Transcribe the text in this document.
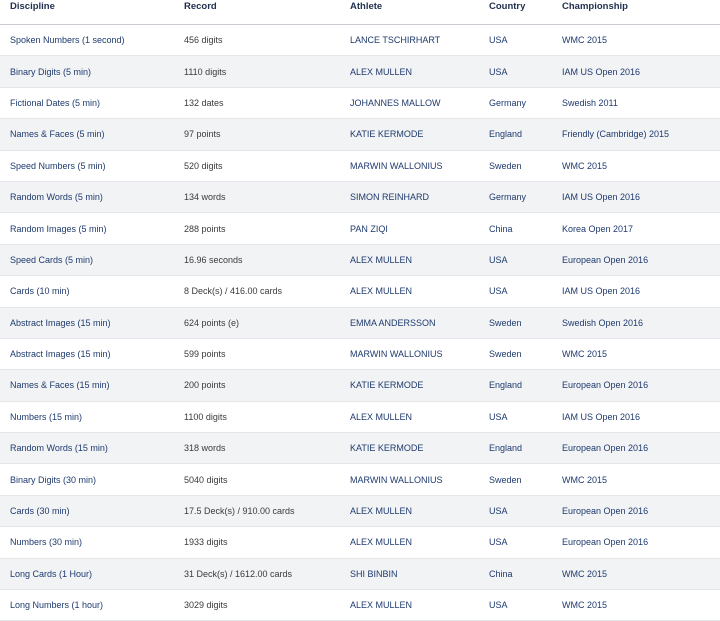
Discipline	Record	Athlete	Country	Championship
Spoken Numbers (1 second)	456 digits	LANCE TSCHIRHART	USA	WMC 2015
Binary Digits (5 min)	1110 digits	ALEX MULLEN	USA	IAM US Open 2016
Fictional Dates (5 min)	132 dates	JOHANNES MALLOW	Germany	Swedish 2011
Names & Faces (5 min)	97 points	KATIE KERMODE	England	Friendly (Cambridge) 2015
Speed Numbers (5 min)	520 digits	MARWIN WALLONIUS	Sweden	WMC 2015
Random Words (5 min)	134 words	SIMON REINHARD	Germany	IAM US Open 2016
Random Images (5 min)	288 points	PAN ZIQI	China	Korea Open 2017
Speed Cards (5 min)	16.96 seconds	ALEX MULLEN	USA	European Open 2016
Cards (10 min)	8 Deck(s) / 416.00 cards	ALEX MULLEN	USA	IAM US Open 2016
Abstract Images (15 min)	624 points (e)	EMMA ANDERSSON	Sweden	Swedish Open 2016
Abstract Images (15 min)	599 points	MARWIN WALLONIUS	Sweden	WMC 2015
Names & Faces (15 min)	200 points	KATIE KERMODE	England	European Open 2016
Numbers (15 min)	1100 digits	ALEX MULLEN	USA	IAM US Open 2016
Random Words (15 min)	318 words	KATIE KERMODE	England	European Open 2016
Binary Digits (30 min)	5040 digits	MARWIN WALLONIUS	Sweden	WMC 2015
Cards (30 min)	17.5 Deck(s) / 910.00 cards	ALEX MULLEN	USA	European Open 2016
Numbers (30 min)	1933 digits	ALEX MULLEN	USA	European Open 2016
Long Cards (1 Hour)	31 Deck(s) / 1612.00 cards	SHI BINBIN	China	WMC 2015
Long Numbers (1 hour)	3029 digits	ALEX MULLEN	USA	WMC 2015
